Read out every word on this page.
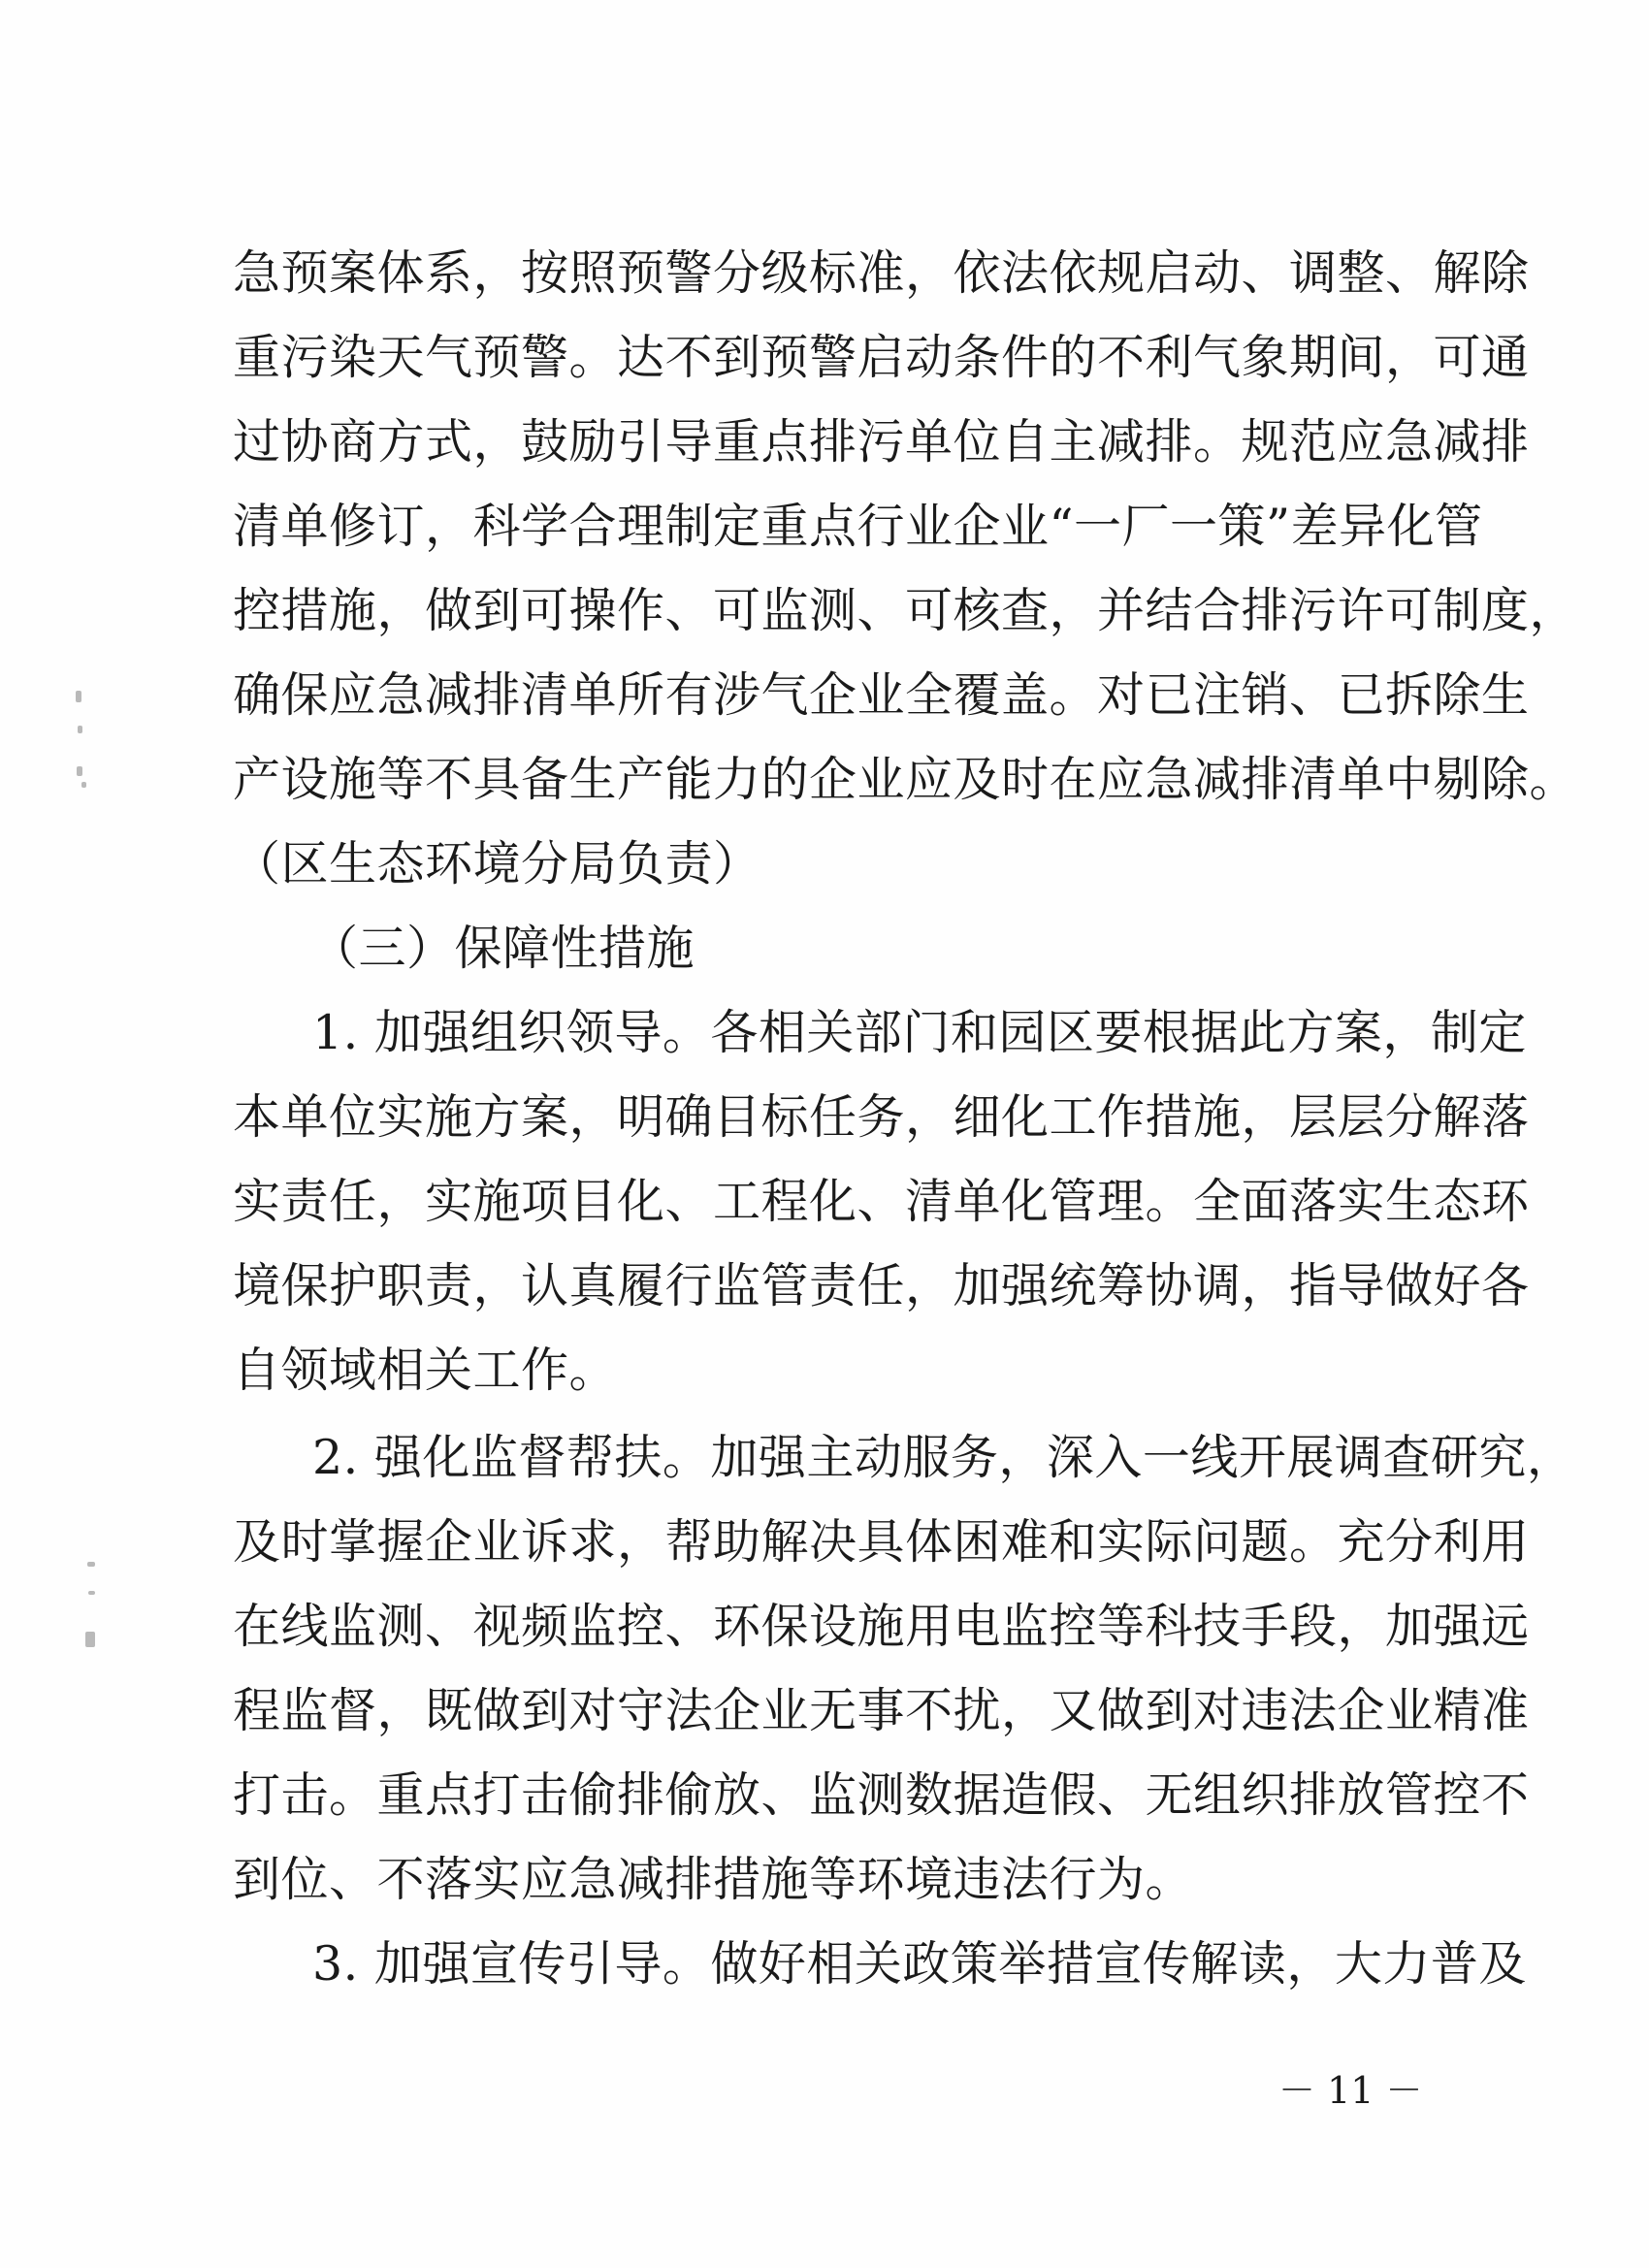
急预案体系，按照预警分级标准，依法依规启动、调整、解除
重污染天气预警。达不到预警启动条件的不利气象期间，可通
过协商方式，鼓励引导重点排污单位自主减排。规范应急减排
清单修订，科学合理制定重点行业企业“一厂一策”差异化管
控措施，做到可操作、可监测、可核查，并结合排污许可制度，
确保应急减排清单所有涉气企业全覆盖。对已注销、已拆除生
产设施等不具备生产能力的企业应及时在应急减排清单中剔除。
（区生态环境分局负责）
（三）保障性措施
1. 加强组织领导。各相关部门和园区要根据此方案，制定
本单位实施方案，明确目标任务，细化工作措施，层层分解落
实责任，实施项目化、工程化、清单化管理。全面落实生态环
境保护职责，认真履行监管责任，加强统筹协调，指导做好各
自领域相关工作。
2. 强化监督帮扶。加强主动服务，深入一线开展调查研究，
及时掌握企业诉求，帮助解决具体困难和实际问题。充分利用
在线监测、视频监控、环保设施用电监控等科技手段，加强远
程监督，既做到对守法企业无事不扰，又做到对违法企业精准
打击。重点打击偷排偷放、监测数据造假、无组织排放管控不
到位、不落实应急减排措施等环境违法行为。
3. 加强宣传引导。做好相关政策举措宣传解读，大力普及
－ 11 －
